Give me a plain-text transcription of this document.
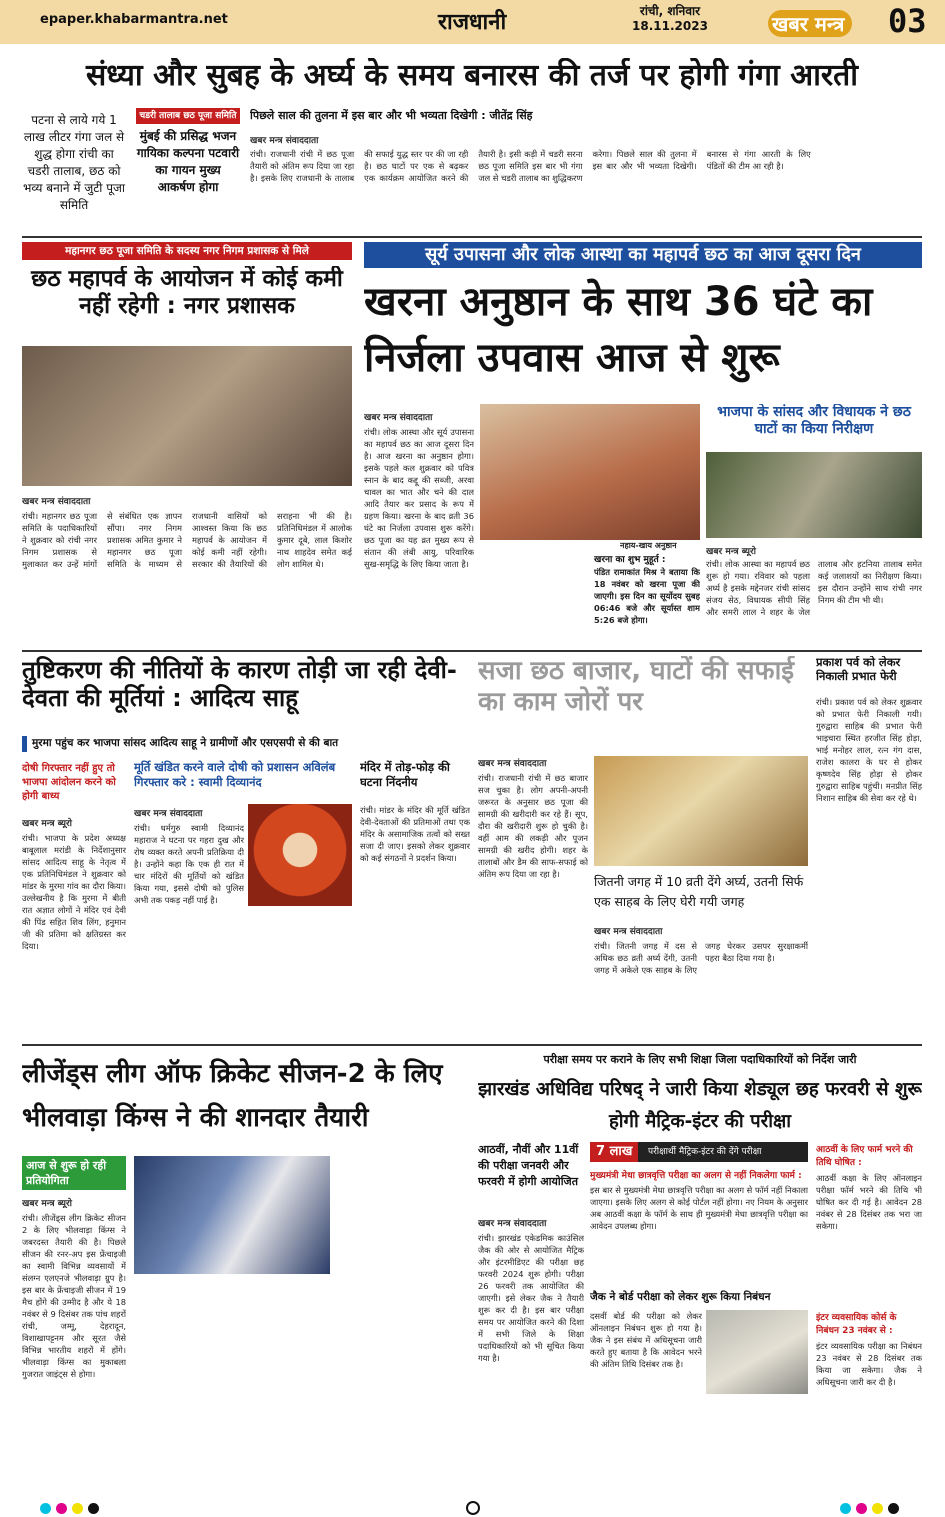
epaper.khabarmantra.net	राजधानी	रांची, शनिवार
18.11.2023	खबर मन्त्र 03
संध्या और सुबह के अर्घ्य के समय बनारस की तर्ज पर होगी गंगा आरती
पटना से लाये गये 1 लाख लीटर गंगा जल से शुद्ध होगा रांची का चडरी तालाब, छठ को भव्य बनाने में जुटी पूजा समिति
चडरी तालाब छठ पूजा समिति
मुंबई की प्रसिद्ध भजन गायिका कल्पना पटवारी का गायन मुख्य आकर्षण होगा
पिछले साल की तुलना में इस बार और भी भव्यता दिखेगी : जीतेंद्र सिंह
खबर मन्त्र संवाददाता
रांची। राजधानी रांची में छठ पूजा तैयारी को अंतिम रूप दिया जा रहा है। इसके लिए राजधानी के तालाब की सफाई युद्ध स्तर पर की जा रही है। छठ घाटों पर एक से बढ़कर एक कार्यक्रम आयोजित करने की तैयारी है। इसी कड़ी में चडरी सरना छठ पूजा समिति इस बार भी गंगा जल से चडरी तालाब का शुद्धिकरण करेगा। पिछले साल की तुलना में इस बार और भी भव्यता दिखेगी। बनारस से गंगा आरती के लिए पंडितों की टीम आ रही है।
महानगर छठ पूजा समिति के सदस्य नगर निगम प्रशासक से मिले
छठ महापर्व के आयोजन में कोई कमी नहीं रहेगी : नगर प्रशासक
खबर मन्त्र संवाददाता
रांची। महानगर छठ पूजा समिति के पदाधिकारियों ने शुक्रवार को रांची नगर निगम प्रशासक से मुलाकात कर उन्हें मांगों से संबंधित एक ज्ञापन सौंपा। नगर निगम प्रशासक अमित कुमार ने महानगर छठ पूजा समिति के माध्यम से राजधानी वासियों को आश्वस्त किया कि छठ महापर्व के आयोजन में कोई कमी नहीं रहेगी। सरकार की तैयारियों की सराहना भी की है। प्रतिनिधिमंडल में आलोक कुमार दूबे, लाल किशोर नाथ शाहदेव समेत कई लोग शामिल थे।
सूर्य उपासना और लोक आस्था का महापर्व छठ का आज दूसरा दिन
खरना अनुष्ठान के साथ 36 घंटे का निर्जला उपवास आज से शुरू
खबर मन्त्र संवाददाता
रांची। लोक आस्था और सूर्य उपासना का महापर्व छठ का आज दूसरा दिन है। आज खरना का अनुष्ठान होगा। इसके पहले कल शुक्रवार को पवित्र स्नान के बाद कद्दू की सब्जी, अरवा चावल का भात और चने की दाल आदि तैयार कर प्रसाद के रूप में ग्रहण किया। खरना के बाद व्रती 36 घंटे का निर्जला उपवास शुरू करेंगे। छठ पूजा का यह व्रत मुख्य रूप से संतान की लंबी आयु, परिवारिक सुख-समृद्धि के लिए किया जाता है।
नहाय-खाय अनुष्ठान
खरना का शुभ मुहूर्त :
पंडित रामाकांत मिश्र ने बताया कि 18 नवंबर को खरना पूजा की जाएगी। इस दिन का सूर्योदय सुबह 06:46 बजे और सूर्यास्त शाम 5:26 बजे होगा।
भाजपा के सांसद और विधायक ने छठ घाटों का किया निरीक्षण
खबर मन्त्र ब्यूरो
रांची। लोक आस्था का महापर्व छठ शुरू हो गया। रविवार को पहला अर्घ्य है इसके मद्देनजर रांची सांसद संजय सेठ, विधायक सीपी सिंह और समरी लाल ने शहर के जेल तालाब और हटनिया तालाब समेत कई जलाशयों का निरीक्षण किया। इस दौरान उन्होंने साथ रांची नगर निगम की टीम भी थी।
तुष्टिकरण की नीतियों के कारण तोड़ी जा रही देवी-देवता की मूर्तियां : आदित्य साहू
मुरमा पहुंच कर भाजपा सांसद आदित्य साहू ने ग्रामीणों और एसएसपी से की बात
दोषी गिरफ्तार नहीं हुए तो भाजपा आंदोलन करने को होगी बाध्य
खबर मन्त्र ब्यूरो
रांची। भाजपा के प्रदेश अध्यक्ष बाबूलाल मरांडी के निर्देशानुसार सांसद आदित्य साहू के नेतृत्व में एक प्रतिनिधिमंडल ने शुक्रवार को मांडर के मुरमा गांव का दौरा किया। उल्लेखनीय है कि मुरमा में बीती रात अज्ञात लोगों ने मंदिर एवं देवी की पिंड सहित शिव लिंग, हनुमान जी की प्रतिमा को क्षतिग्रस्त कर दिया।
मूर्ति खंडित करने वाले दोषी को प्रशासन अविलंब गिरफ्तार करे : स्वामी दिव्यानंद
खबर मन्त्र संवाददाता
रांची। धर्मगुरु स्वामी दिव्यानंद महाराज ने घटना पर गहरा दुख और रोष व्यक्त करते अपनी प्रतिक्रिया दी है। उन्होंने कहा कि एक ही रात में चार मंदिरों की मूर्तियों को खंडित किया गया, इससे दोषी को पुलिस अभी तक पकड़ नहीं पाई है।
मंदिर में तोड़-फोड़ की घटना निंदनीय
रांची। मांडर के मंदिर की मूर्ति खंडित देवी-देवताओं की प्रतिमाओं तथा एक मंदिर के असामाजिक तत्वों को सख्त सजा दी जाए। इसको लेकर शुक्रवार को कई संगठनों ने प्रदर्शन किया।
सजा छठ बाजार, घाटों की सफाई का काम जोरों पर
खबर मन्त्र संवाददाता
रांची। राजधानी रांची में छठ बाजार सज चुका है। लोग अपनी-अपनी जरूरत के अनुसार छठ पूजा की सामग्री की खरीदारी कर रहे हैं। सूप, दौरा की खरीदारी शुरू हो चुकी है। वहीं आम की लकड़ी और पूजन सामग्री की खरीद होगी। शहर के तालाबों और डैम की साफ-सफाई को अंतिम रूप दिया जा रहा है।	जितनी जगह में 10 व्रती देंगे अर्घ्य, उतनी सिर्फ एक साहब के लिए घेरी गयी जगह
खबर मन्त्र संवाददाता
रांची। जितनी जगह में दस से अधिक छठ व्रती अर्घ्य देंगी, उतनी जगह में अकेले एक साहब के लिए जगह घेरकर उसपर सुरक्षाकर्मी पहरा बैठा दिया गया है।
प्रकाश पर्व को लेकर निकाली प्रभात फेरी
रांची। प्रकाश पर्व को लेकर शुक्रवार को प्रभात फेरी निकाली गयी। गुरुद्वारा साहिब की प्रभात फेरी भाइचारा स्थित हरजीत सिंह होड़ा, भाई मनोहर लाल, रत्न गंग दास, राजेश कालरा के घर से होकर कृष्णदेव सिंह होड़ा से होकर गुरुद्वारा साहिब पहुंची। मनप्रीत सिंह निशान साहिब की सेवा कर रहे थे।
लीजेंड्स लीग ऑफ क्रिकेट सीजन-2 के लिए भीलवाड़ा किंग्स ने की शानदार तैयारी
आज से शुरू हो रही प्रतियोगिता
खबर मन्त्र ब्यूरो
रांची। लीजेंड्स लीग क्रिकेट सीजन 2 के लिए भीलवाड़ा किंग्स ने जबरदस्त तैयारी की है। पिछले सीजन की रनर-अप इस फ्रेंचाइजी का स्वामी विभिन्न व्यवसायों में संलग्न एलएनजे भीलवाड़ा ग्रुप है। इस बार के फ्रेंचाइजी सीजन में 19 मैच होंगे की उम्मीद है और ये 18 नवंबर से 9 दिसंबर तक पांच शहरों रांची, जम्मू, देहरादून, विशाखापट्टनम और सूरत जैसे विभिन्न भारतीय शहरों में होंगे। भीलवाड़ा किंग्स का मुकाबला गुजरात जाइंट्स से होगा।
परीक्षा समय पर कराने के लिए सभी शिक्षा जिला पदाधिकारियों को निर्देश जारी
झारखंड अधिविद्य परिषद् ने जारी किया शेड्यूल छह फरवरी से शुरू होगी मैट्रिक-इंटर की परीक्षा
आठवीं, नौवीं और 11वीं की परीक्षा जनवरी और फरवरी में होगी आयोजित
खबर मन्त्र संवाददाता
रांची। झारखंड एकेडमिक काउंसिल जैक की ओर से आयोजित मैट्रिक और इंटरमीडिएट की परीक्षा छह फरवरी 2024 शुरू होगी। परीक्षा 26 फरवरी तक आयोजित की जाएगी। इसे लेकर जैक ने तैयारी शुरू कर दी है। इस बार परीक्षा समय पर आयोजित करने की दिशा में सभी जिले के शिक्षा पदाधिकारियों को भी सूचित किया गया है।
7 लाख	परीक्षार्थी मैट्रिक-इंटर की देंगे परीक्षा
मुख्यमंत्री मेधा छात्रवृत्ति परीक्षा का अलग से नहीं निकलेगा फार्म :
इस बार से मुख्यमंत्री मेधा छात्रवृत्ति परीक्षा का अलग से फॉर्म नहीं निकाला जाएगा। इसके लिए अलग से कोई पोर्टल नहीं होगा। नए नियम के अनुसार अब आठवीं कक्षा के फॉर्म के साथ ही मुख्यमंत्री मेधा छात्रवृत्ति परीक्षा का आवेदन उपलब्ध होगा।
जैक ने बोर्ड परीक्षा को लेकर शुरू किया निबंधन
दसवीं बोर्ड की परीक्षा को लेकर ऑनलाइन निबंधन शुरू हो गया है। जैक ने इस संबंध में अधिसूचना जारी करते हुए बताया है कि आवेदन भरने की अंतिम तिथि दिसंबर तक है।
आठवीं के लिए फार्म भरने की तिथि घोषित :
आठवीं कक्षा के लिए ऑनलाइन परीक्षा फॉर्म भरने की तिथि भी घोषित कर दी गई है। आवेदन 28 नवंबर से 28 दिसंबर तक भरा जा सकेगा।
इंटर व्यवसायिक कोर्स के निबंधन 23 नवंबर से :
इंटर व्यवसायिक परीक्षा का निबंधन 23 नवंबर से 28 दिसंबर तक किया जा सकेगा। जैक ने अधिसूचना जारी कर दी है।
